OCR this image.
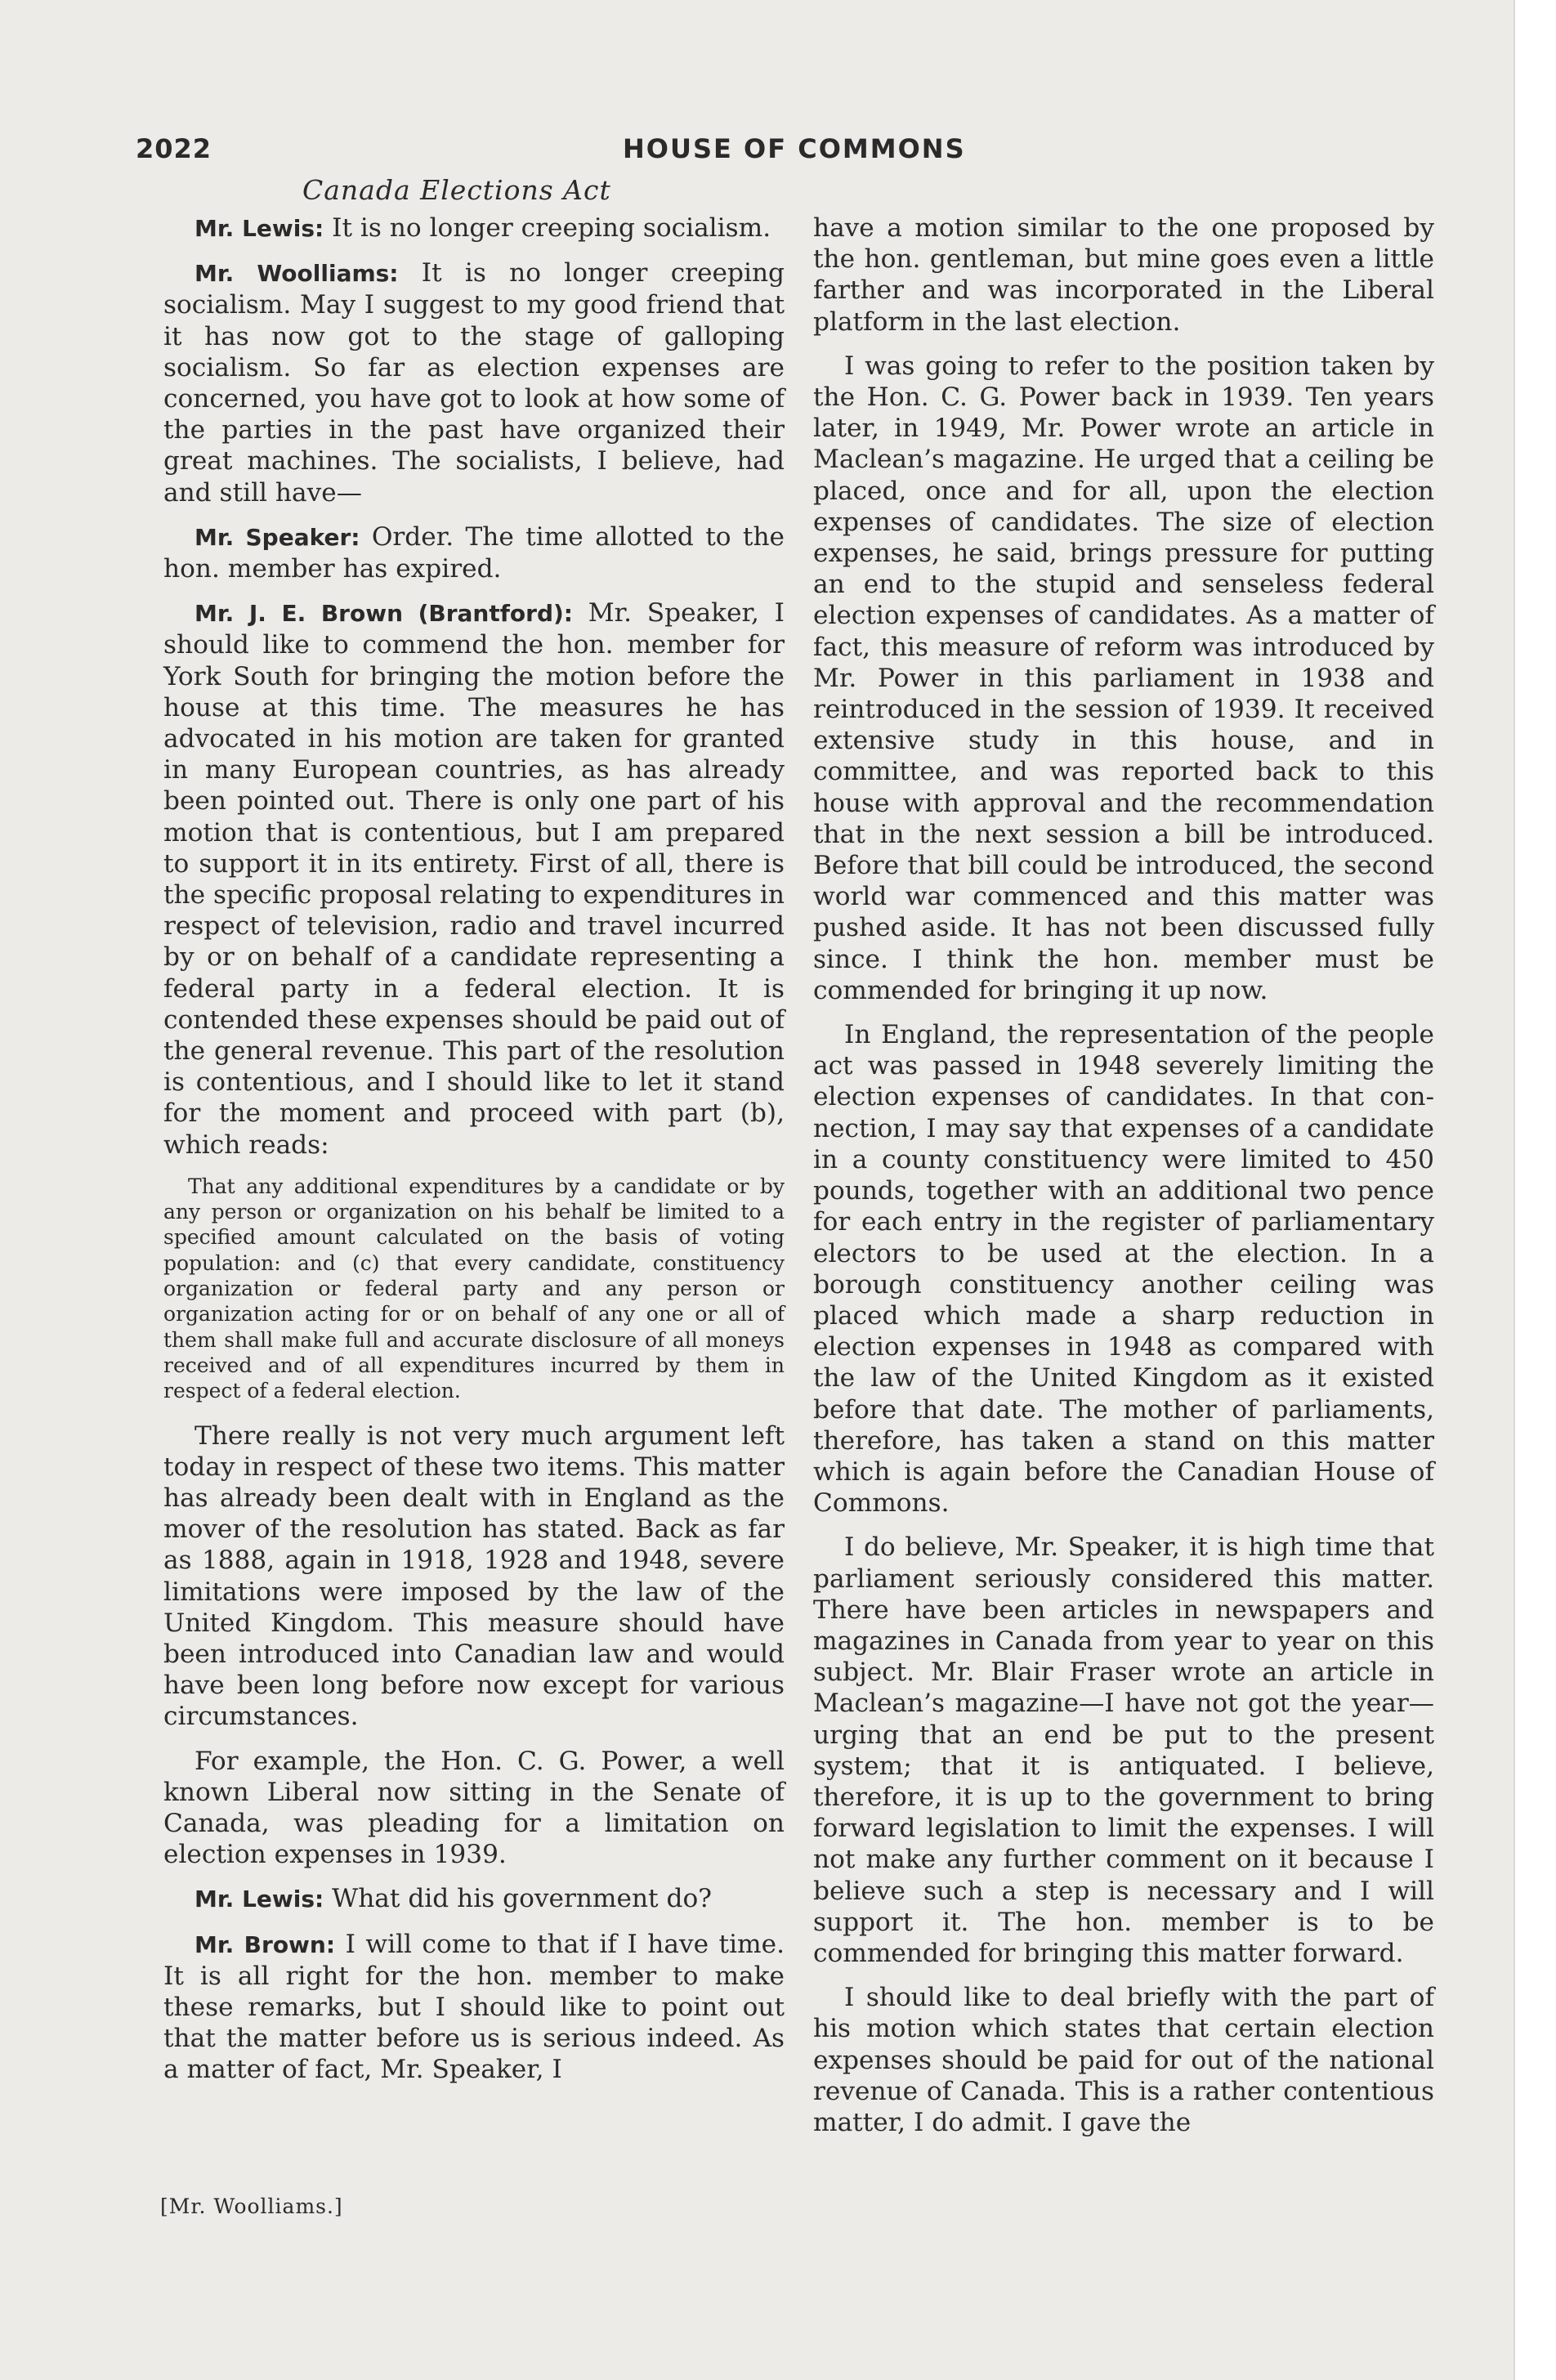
2022	HOUSE OF COMMONS
Canada Elections Act

Mr. Lewis: It is no longer creeping socialism.

Mr. Woolliams: It is no longer creeping socialism. May I suggest to my good friend that it has now got to the stage of galloping socialism. So far as election expenses are concerned, you have got to look at how some of the parties in the past have organized their great machines. The socialists, I believe, had and still have—

Mr. Speaker: Order. The time allotted to the hon. member has expired.

Mr. J. E. Brown (Brantford): Mr. Speaker, I should like to commend the hon. member for York South for bringing the motion before the house at this time. The measures he has advocated in his motion are taken for granted in many European countries, as has already been pointed out. There is only one part of his motion that is contentious, but I am prepared to support it in its entirety. First of all, there is the specific proposal relating to expenditures in respect of television, radio and travel incurred by or on behalf of a candidate representing a federal party in a federal election. It is contended these expenses should be paid out of the general revenue. This part of the resolution is contentious, and I should like to let it stand for the moment and proceed with part (b), which reads:

That any additional expenditures by a candidate or by any person or organization on his behalf be limited to a specified amount calculated on the basis of voting population: and (c) that every candidate, constituency organization or federal party and any person or organization acting for or on behalf of any one or all of them shall make full and accurate disclosure of all moneys received and of all expenditures incurred by them in respect of a federal election.

There really is not very much argument left today in respect of these two items. This matter has already been dealt with in England as the mover of the resolution has stated. Back as far as 1888, again in 1918, 1928 and 1948, severe limitations were imposed by the law of the United Kingdom. This measure should have been introduced into Canadian law and would have been long before now except for various circumstances.

For example, the Hon. C. G. Power, a well known Liberal now sitting in the Senate of Canada, was pleading for a limitation on election expenses in 1939.

Mr. Lewis: What did his government do?

Mr. Brown: I will come to that if I have time. It is all right for the hon. member to make these remarks, but I should like to point out that the matter before us is serious indeed. As a matter of fact, Mr. Speaker, I

have a motion similar to the one proposed by the hon. gentleman, but mine goes even a little farther and was incorporated in the Liberal platform in the last election.

I was going to refer to the position taken by the Hon. C. G. Power back in 1939. Ten years later, in 1949, Mr. Power wrote an article in Maclean’s magazine. He urged that a ceiling be placed, once and for all, upon the election expenses of candidates. The size of election expenses, he said, brings pressure for putting an end to the stupid and senseless federal election expenses of candidates. As a matter of fact, this measure of reform was introduced by Mr. Power in this parliament in 1938 and reintroduced in the session of 1939. It received extensive study in this house, and in committee, and was reported back to this house with approval and the recommendation that in the next session a bill be introduced. Before that bill could be introduced, the second world war commenced and this matter was pushed aside. It has not been discussed fully since. I think the hon. member must be commended for bringing it up now.

In England, the representation of the people act was passed in 1948 severely limiting the election expenses of candidates. In that connection, I may say that expenses of a candidate in a county constituency were limited to 450 pounds, together with an additional two pence for each entry in the register of parliamentary electors to be used at the election. In a borough constituency another ceiling was placed which made a sharp reduction in election expenses in 1948 as compared with the law of the United Kingdom as it existed before that date. The mother of parliaments, therefore, has taken a stand on this matter which is again before the Canadian House of Commons.

I do believe, Mr. Speaker, it is high time that parliament seriously considered this matter. There have been articles in newspapers and magazines in Canada from year to year on this subject. Mr. Blair Fraser wrote an article in Maclean’s magazine—I have not got the year—urging that an end be put to the present system; that it is antiquated. I believe, therefore, it is up to the government to bring forward legislation to limit the expenses. I will not make any further comment on it because I believe such a step is necessary and I will support it. The hon. member is to be commended for bringing this matter forward.

I should like to deal briefly with the part of his motion which states that certain election expenses should be paid for out of the national revenue of Canada. This is a rather contentious matter, I do admit. I gave the

[Mr. Woolliams.]
